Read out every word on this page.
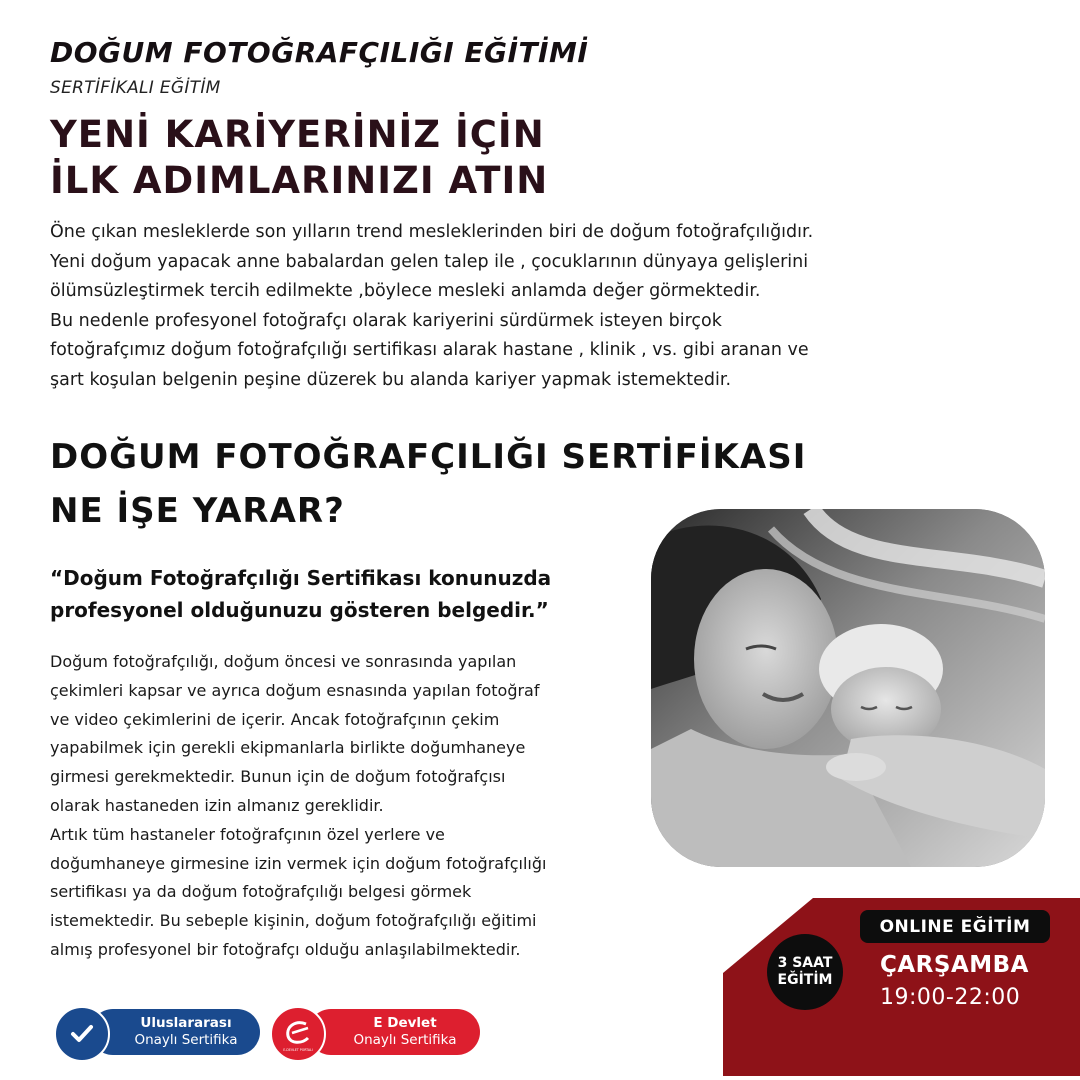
DOĞUM FOTOĞRAFÇILIĞI EĞİTİMİ
SERTİFİKALI EĞİTİM
YENİ KARİYERİNİZ İÇİN
İLK ADIMLARINIZI ATIN

Öne çıkan mesleklerde son yılların trend mesleklerinden biri de doğum fotoğrafçılığıdır.

Yeni doğum yapacak anne babalardan gelen talep ile , çocuklarının dünyaya gelişlerini

ölümsüzleştirmek tercih edilmekte ,böylece mesleki anlamda değer görmektedir.

Bu nedenle profesyonel fotoğrafçı olarak kariyerini sürdürmek isteyen birçok

fotoğrafçımız doğum fotoğrafçılığı sertifikası alarak hastane , klinik , vs. gibi aranan ve

şart koşulan belgenin peşine düzerek bu alanda kariyer yapmak istemektedir.

DOĞUM FOTOĞRAFÇILIĞI SERTİFİKASI
NE İŞE YARAR?
“Doğum Fotoğrafçılığı Sertifikası konunuzda
profesyonel olduğunuzu gösteren belgedir.”

Doğum fotoğrafçılığı, doğum öncesi ve sonrasında yapılan

çekimleri kapsar ve ayrıca doğum esnasında yapılan fotoğraf

ve video çekimlerini de içerir. Ancak fotoğrafçının çekim

yapabilmek için gerekli ekipmanlarla birlikte doğumhaneye

girmesi gerekmektedir. Bunun için de doğum fotoğrafçısı

olarak hastaneden izin almanız gereklidir.

Artık tüm hastaneler fotoğrafçının özel yerlere ve

doğumhaneye girmesine izin vermek için doğum fotoğrafçılığı

sertifikası ya da doğum fotoğrafçılığı belgesi görmek

istemektedir. Bu sebeple kişinin, doğum fotoğrafçılığı eğitimi

almış profesyonel bir fotoğrafçı olduğu anlaşılabilmektedir.

3 SAAT
EĞİTİM
ONLINE EĞİTİM
ÇARŞAMBA
19:00-22:00
Uluslararası
Onaylı Sertifika
E Devlet
Onaylı Sertifika
E-DEVLET PORTALI
